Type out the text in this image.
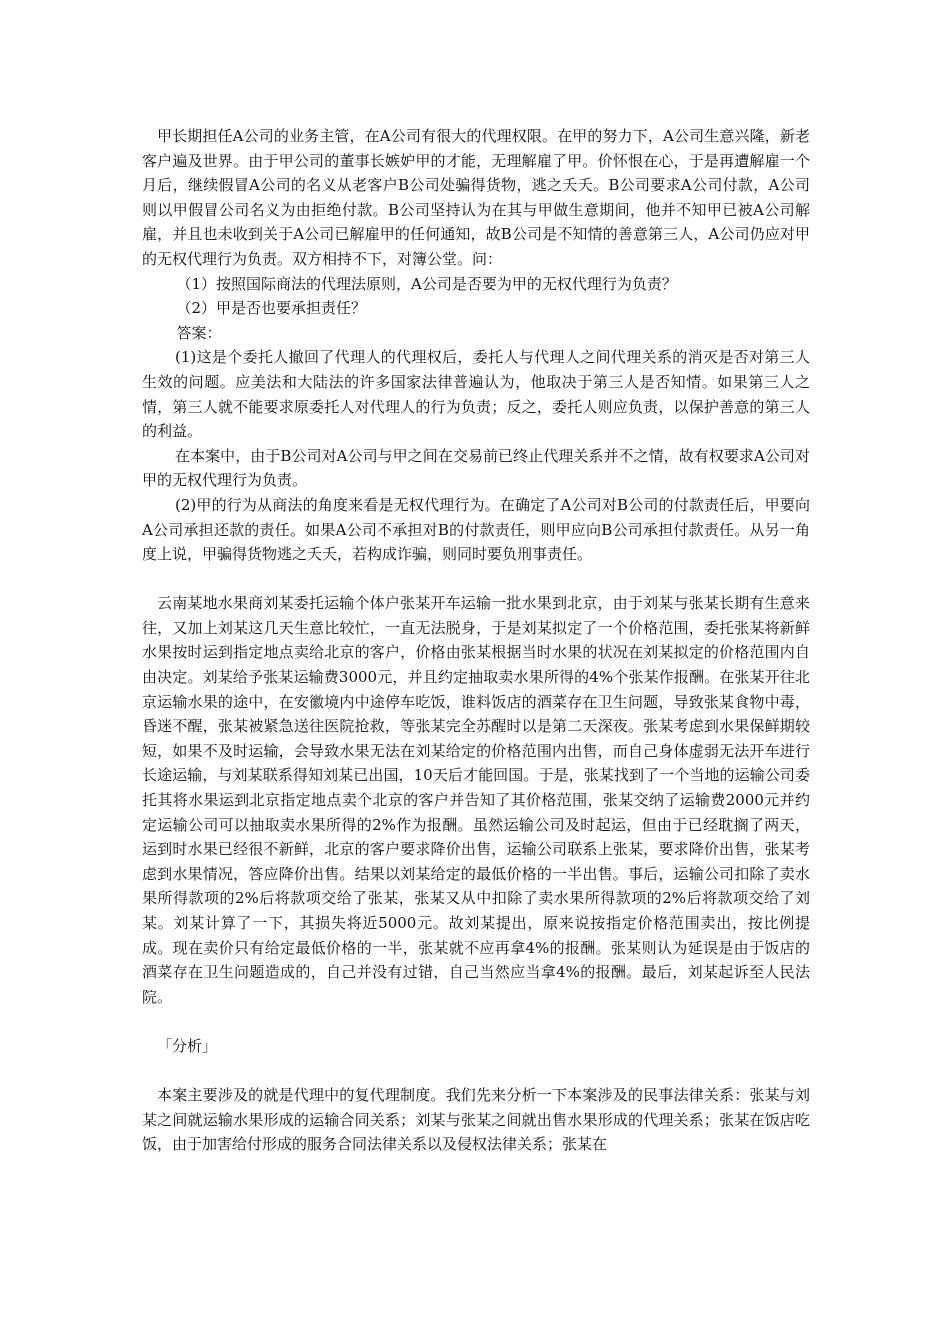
甲长期担任A公司的业务主管，在A公司有很大的代理权限。在甲的努力下，A公司生意兴隆，新老客户遍及世界。由于甲公司的董事长嫉妒甲的才能，无理解雇了甲。价怀恨在心，于是再遭解雇一个月后，继续假冒A公司的名义从老客户B公司处骗得货物，逃之夭夭。B公司要求A公司付款，A公司则以甲假冒公司名义为由拒绝付款。B公司坚持认为在其与甲做生意期间，他并不知甲已被A公司解雇，并且也未收到关于A公司已解雇甲的任何通知，故B公司是不知情的善意第三人，A公司仍应对甲的无权代理行为负责。双方相持不下，对簿公堂。问：

（1）按照国际商法的代理法原则，A公司是否要为甲的无权代理行为负责？

（2）甲是否也要承担责任？

答案：

(1)这是个委托人撤回了代理人的代理权后，委托人与代理人之间代理关系的消灭是否对第三人生效的问题。应美法和大陆法的许多国家法律普遍认为，他取决于第三人是否知情。如果第三人之情，第三人就不能要求原委托人对代理人的行为负责；反之，委托人则应负责，以保护善意的第三人的利益。

在本案中，由于B公司对A公司与甲之间在交易前已终止代理关系并不之情，故有权要求A公司对甲的无权代理行为负责。

(2)甲的行为从商法的角度来看是无权代理行为。在确定了A公司对B公司的付款责任后，甲要向A公司承担还款的责任。如果A公司不承担对B的付款责任，则甲应向B公司承担付款责任。从另一角度上说，甲骗得货物逃之夭夭，若构成诈骗，则同时要负刑事责任。

云南某地水果商刘某委托运输个体户张某开车运输一批水果到北京，由于刘某与张某长期有生意来往，又加上刘某这几天生意比较忙，一直无法脱身，于是刘某拟定了一个价格范围，委托张某将新鲜水果按时运到指定地点卖给北京的客户，价格由张某根据当时水果的状况在刘某拟定的价格范围内自由决定。刘某给予张某运输费3000元，并且约定抽取卖水果所得的4%个张某作报酬。在张某开往北京运输水果的途中，在安徽境内中途停车吃饭，谁料饭店的酒菜存在卫生问题，导致张某食物中毒，昏迷不醒，张某被紧急送往医院抢救，等张某完全苏醒时以是第二天深夜。张某考虑到水果保鲜期较短，如果不及时运输，会导致水果无法在刘某给定的价格范围内出售，而自己身体虚弱无法开车进行长途运输，与刘某联系得知刘某已出国，10天后才能回国。于是，张某找到了一个当地的运输公司委托其将水果运到北京指定地点卖个北京的客户并告知了其价格范围，张某交纳了运输费2000元并约定运输公司可以抽取卖水果所得的2%作为报酬。虽然运输公司及时起运，但由于已经耽搁了两天，运到时水果已经很不新鲜，北京的客户要求降价出售，运输公司联系上张某，要求降价出售，张某考虑到水果情况，答应降价出售。结果以刘某给定的最低价格的一半出售。事后，运输公司扣除了卖水果所得款项的2%后将款项交给了张某，张某又从中扣除了卖水果所得款项的2%后将款项交给了刘某。刘某计算了一下，其损失将近5000元。故刘某提出，原来说按指定价格范围卖出，按比例提成。现在卖价只有给定最低价格的一半，张某就不应再拿4%的报酬。张某则认为延误是由于饭店的酒菜存在卫生问题造成的，自己并没有过错，自己当然应当拿4%的报酬。最后，刘某起诉至人民法院。

「分析」

本案主要涉及的就是代理中的复代理制度。我们先来分析一下本案涉及的民事法律关系：张某与刘某之间就运输水果形成的运输合同关系；刘某与张某之间就出售水果形成的代理关系；张某在饭店吃饭，由于加害给付形成的服务合同法律关系以及侵权法律关系；张某在
